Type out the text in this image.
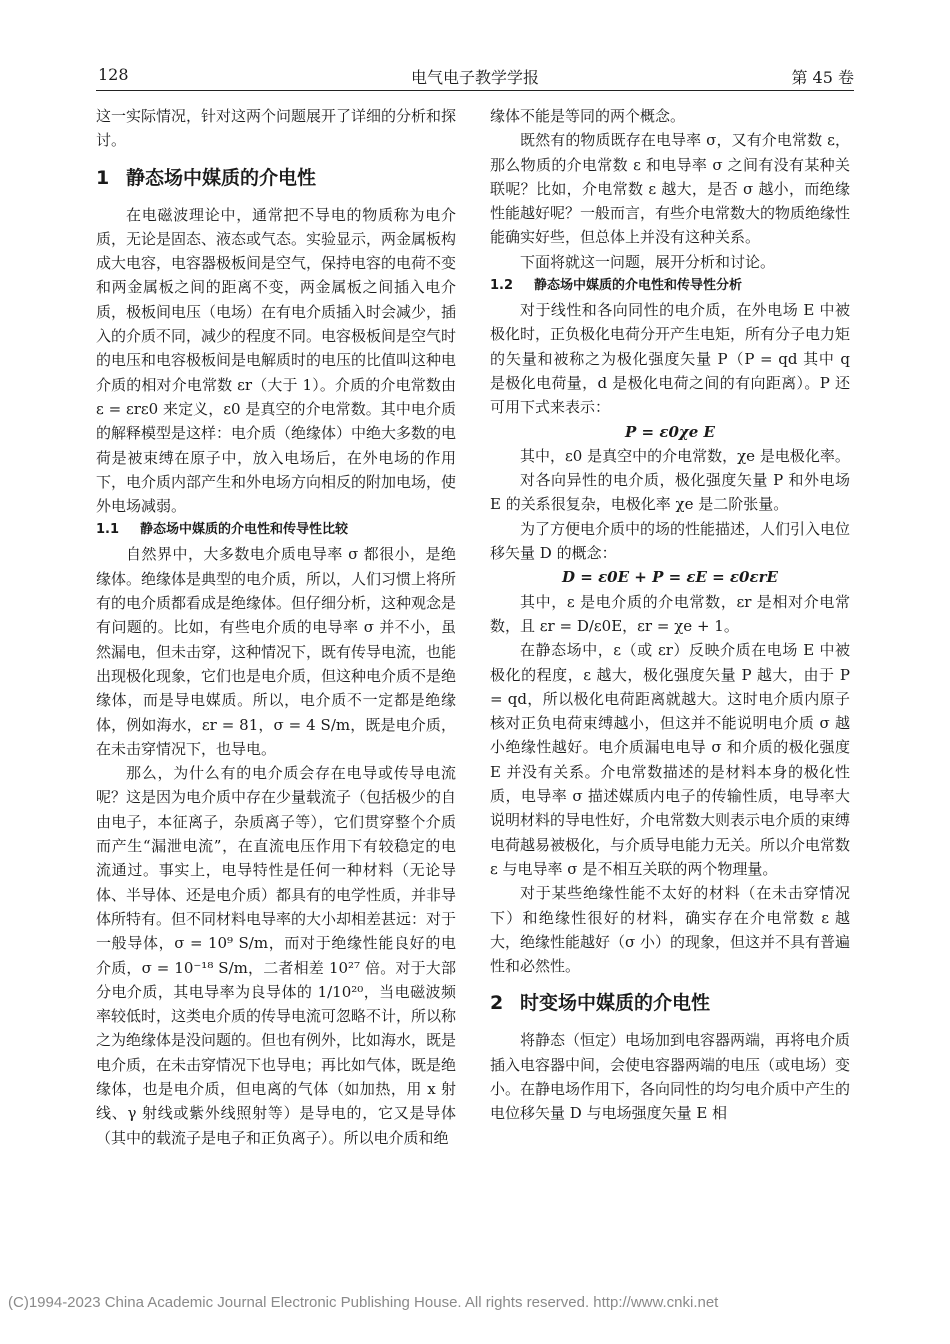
128	电气电子教学学报	第 45 卷

这一实际情况，针对这两个问题展开了详细的分析和探讨。

1 静态场中媒质的介电性

在电磁波理论中，通常把不导电的物质称为电介质，无论是固态、液态或气态。实验显示，两金属板构成大电容，电容器极板间是空气，保持电容的电荷不变和两金属板之间的距离不变，两金属板之间插入电介质，极板间电压（电场）在有电介质插入时会减少，插入的介质不同，减少的程度不同。电容极板间是空气时的电压和电容极板间是电解质时的电压的比值叫这种电介质的相对介电常数 εr（大于 1）。介质的介电常数由 ε = εrε0 来定义，ε0 是真空的介电常数。其中电介质的解释模型是这样：电介质（绝缘体）中绝大多数的电荷是被束缚在原子中，放入电场后，在外电场的作用下，电介质内部产生和外电场方向相反的附加电场，使外电场减弱。

1.1 静态场中媒质的介电性和传导性比较

自然界中，大多数电介质电导率 σ 都很小，是绝缘体。绝缘体是典型的电介质，所以，人们习惯上将所有的电介质都看成是绝缘体。但仔细分析，这种观念是有问题的。比如，有些电介质的电导率 σ 并不小，虽然漏电，但未击穿，这种情况下，既有传导电流，也能出现极化现象，它们也是电介质，但这种电介质不是绝缘体，而是导电媒质。所以，电介质不一定都是绝缘体，例如海水，εr = 81，σ = 4 S/m，既是电介质，在未击穿情况下，也导电。

那么，为什么有的电介质会存在电导或传导电流呢？这是因为电介质中存在少量载流子（包括极少的自由电子，本征离子，杂质离子等），它们贯穿整个介质而产生“漏泄电流”，在直流电压作用下有较稳定的电流通过。事实上，电导特性是任何一种材料（无论导体、半导体、还是电介质）都具有的电学性质，并非导体所特有。但不同材料电导率的大小却相差甚远：对于一般导体，σ = 10⁹ S/m，而对于绝缘性能良好的电介质，σ = 10⁻¹⁸ S/m，二者相差 10²⁷ 倍。对于大部分电介质，其电导率为良导体的 1/10²⁰，当电磁波频率较低时，这类电介质的传导电流可忽略不计，所以称之为绝缘体是没问题的。但也有例外，比如海水，既是电介质，在未击穿情况下也导电；再比如气体，既是绝缘体，也是电介质，但电离的气体（如加热，用 x 射线、γ 射线或紫外线照射等）是导电的，它又是导体（其中的载流子是电子和正负离子）。所以电介质和绝

缘体不能是等同的两个概念。

既然有的物质既存在电导率 σ，又有介电常数 ε，那么物质的介电常数 ε 和电导率 σ 之间有没有某种关联呢？比如，介电常数 ε 越大，是否 σ 越小，而绝缘性能越好呢？一般而言，有些介电常数大的物质绝缘性能确实好些，但总体上并没有这种关系。

下面将就这一问题，展开分析和讨论。

1.2 静态场中媒质的介电性和传导性分析

对于线性和各向同性的电介质，在外电场 E 中被极化时，正负极化电荷分开产生电矩，所有分子电力矩的矢量和被称之为极化强度矢量 P（P = qd 其中 q 是极化电荷量，d 是极化电荷之间的有向距离）。P 还可用下式来表示：

P = ε0χe E

其中，ε0 是真空中的介电常数，χe 是电极化率。

对各向异性的电介质，极化强度矢量 P 和外电场 E 的关系很复杂，电极化率 χe 是二阶张量。

为了方便电介质中的场的性能描述，人们引入电位移矢量 D 的概念：

D = ε0E + P = εE = ε0εrE

其中，ε 是电介质的介电常数，εr 是相对介电常数，且 εr = D/ε0E，εr = χe + 1。

在静态场中，ε（或 εr）反映介质在电场 E 中被极化的程度，ε 越大，极化强度矢量 P 越大，由于 P = qd，所以极化电荷距离就越大。这时电介质内原子核对正负电荷束缚越小，但这并不能说明电介质 σ 越小绝缘性越好。电介质漏电电导 σ 和介质的极化强度 E 并没有关系。介电常数描述的是材料本身的极化性质，电导率 σ 描述媒质内电子的传输性质，电导率大说明材料的导电性好，介电常数大则表示电介质的束缚电荷越易被极化，与介质导电能力无关。所以介电常数 ε 与电导率 σ 是不相互关联的两个物理量。

对于某些绝缘性能不太好的材料（在未击穿情况下）和绝缘性很好的材料，确实存在介电常数 ε 越大，绝缘性能越好（σ 小）的现象，但这并不具有普遍性和必然性。

2 时变场中媒质的介电性

将静态（恒定）电场加到电容器两端，再将电介质插入电容器中间，会使电容器两端的电压（或电场）变小。在静电场作用下，各向同性的均匀电介质中产生的电位移矢量 D 与电场强度矢量 E 相

(C)1994-2023 China Academic Journal Electronic Publishing House. All rights reserved. http://www.cnki.net
